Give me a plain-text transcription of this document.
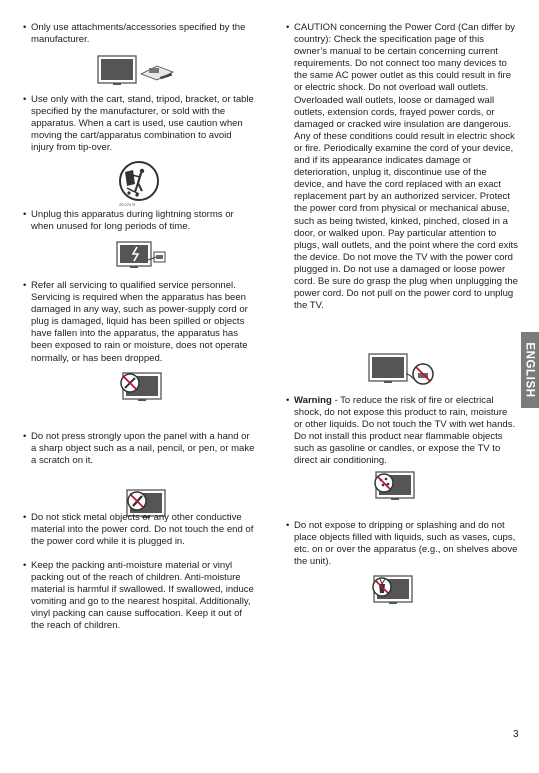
• Only use attachments/accessories specified by the manufacturer.
• Use only with the cart, stand, tripod, bracket, or table specified by the manufacturer, or sold with the apparatus. When a cart is used, use caution when moving the cart/apparatus combination to avoid injury from tip-over.
20 070 R
• Unplug this apparatus during lightning storms or when unused for long periods of time.
• Refer all servicing to qualified service personnel. Servicing is required when the apparatus has been damaged in any way, such as power-supply cord or plug is damaged, liquid has been spilled or objects have fallen into the apparatus, the apparatus has been exposed to rain or moisture, does not operate normally, or has been dropped.
• Do not press strongly upon the panel with a hand or a sharp object such as a nail, pencil, or pen, or make a scratch on it.
• Do not stick metal objects or any other conductive material into the power cord. Do not touch the end of the power cord while it is plugged in.
• Keep the packing anti-moisture material or vinyl packing out of the reach of children. Anti-moisture material is harmful if swallowed. If swallowed, induce vomiting and go to the nearest hospital. Additionally, vinyl packing can cause suffocation. Keep it out of the reach of children.
• CAUTION concerning the Power Cord (Can differ by country): Check the specification page of this owner’s manual to be certain concerning current requirements. Do not connect too many devices to the same AC power outlet as this could result in fire or electric shock. Do not overload wall outlets. Overloaded wall outlets, loose or damaged wall outlets, extension cords, frayed power cords, or damaged or cracked wire insulation are dangerous. Any of these conditions could result in electric shock or fire. Periodically examine the cord of your device, and if its appearance indicates damage or deterioration, unplug it, discontinue use of the device, and have the cord replaced with an exact replacement part by an authorized servicer. Protect the power cord from physical or mechanical abuse, such as being twisted, kinked, pinched, closed in a door, or walked upon. Pay particular attention to plugs, wall outlets, and the point where the cord exits the device. Do not move the TV with the power cord plugged in. Do not use a damaged or loose power cord. Be sure do grasp the plug when unplugging the power cord. Do not pull on the power cord to unplug the TV.
• Warning - To reduce the risk of fire or electrical shock, do not expose this product to rain, moisture or other liquids. Do not touch the TV with wet hands. Do not install this product near flammable objects such as gasoline or candles, or expose the TV to direct air conditioning.
• Do not expose to dripping or splashing and do not place objects filled with liquids, such as vases, cups, etc. on or over the apparatus (e.g., on shelves above the unit).
ENGLISH
3
